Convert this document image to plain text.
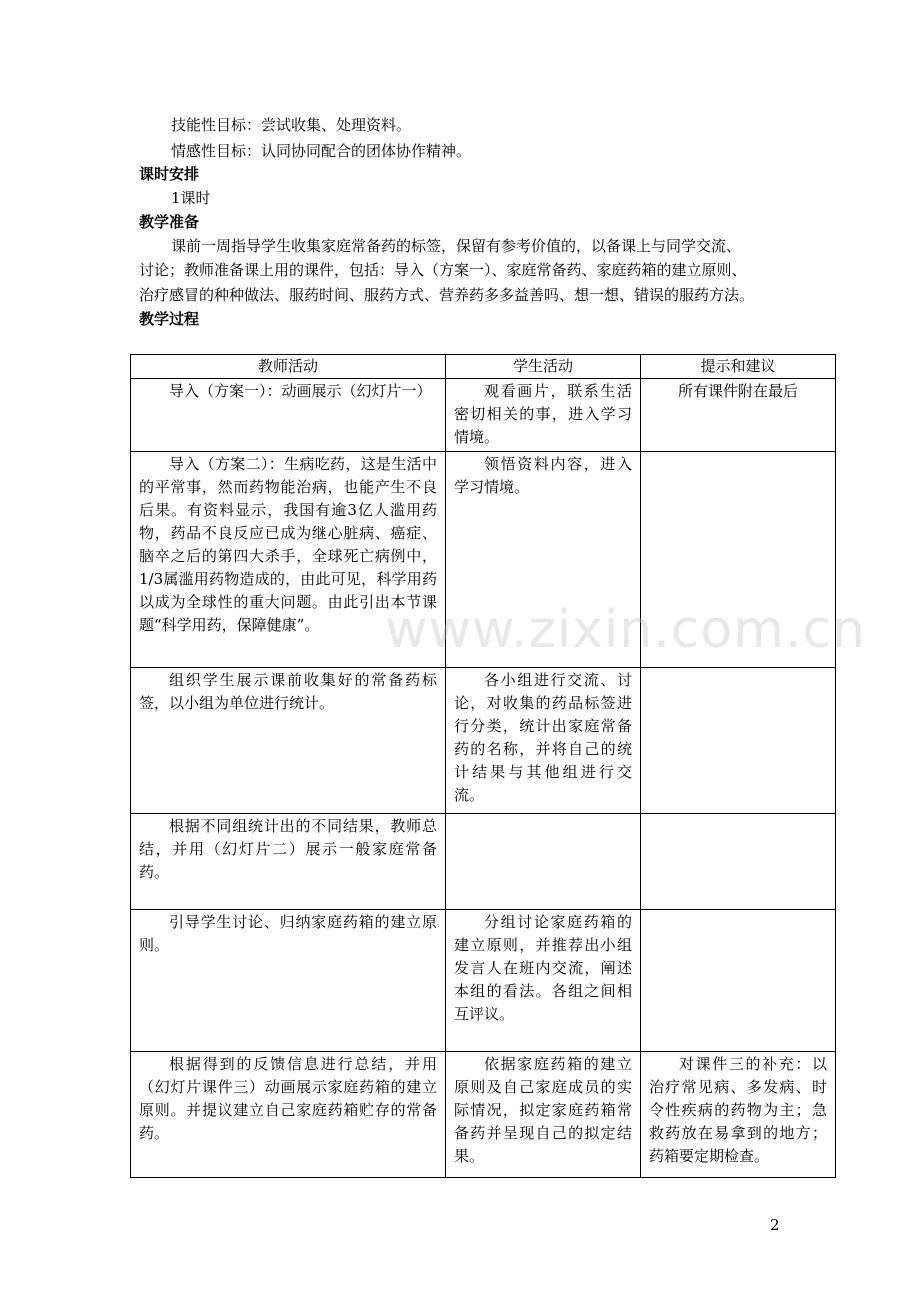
技能性目标：尝试收集、处理资料。
情感性目标：认同协同配合的团体协作精神。
课时安排
1课时
教学准备
课前一周指导学生收集家庭常备药的标签，保留有参考价值的，以备课上与同学交流、
讨论；教师准备课上用的课件，包括：导入（方案一）、家庭常备药、家庭药箱的建立原则、
治疗感冒的种种做法、服药时间、服药方式、营养药多多益善吗、想一想、错误的服药方法。
教学过程
教师活动	学生活动	提示和建议

导入（方案一）：动画展示（幻灯片一）	观看画片，联系生活密切相关的事，进入学习情境。	所有课件附在最后

导入（方案二）：生病吃药，这是生活中的平常事，然而药物能治病，也能产生不良后果。有资料显示，我国有逾3亿人滥用药物，药品不良反应已成为继心脏病、癌症、脑卒之后的第四大杀手，全球死亡病例中，1/3属滥用药物造成的，由此可见，科学用药以成为全球性的重大问题。由此引出本节课题“科学用药，保障健康”。	领悟资料内容，进入学习情境。	

组织学生展示课前收集好的常备药标签，以小组为单位进行统计。	各小组进行交流、讨论，对收集的药品标签进行分类，统计出家庭常备药的名称，并将自己的统计结果与其他组进行交流。	

根据不同组统计出的不同结果，教师总结，并用（幻灯片二）展示一般家庭常备药。		

引导学生讨论、归纳家庭药箱的建立原则。	分组讨论家庭药箱的建立原则，并推荐出小组发言人在班内交流，阐述本组的看法。各组之间相互评议。	

根据得到的反馈信息进行总结，并用（幻灯片课件三）动画展示家庭药箱的建立原则。并提议建立自己家庭药箱贮存的常备药。	依据家庭药箱的建立原则及自己家庭成员的实际情况，拟定家庭药箱常备药并呈现自己的拟定结果。	对课件三的补充：以治疗常见病、多发病、时令性疾病的药物为主；急救药放在易拿到的地方；药箱要定期检查。

www.zixin.com.cn
2
